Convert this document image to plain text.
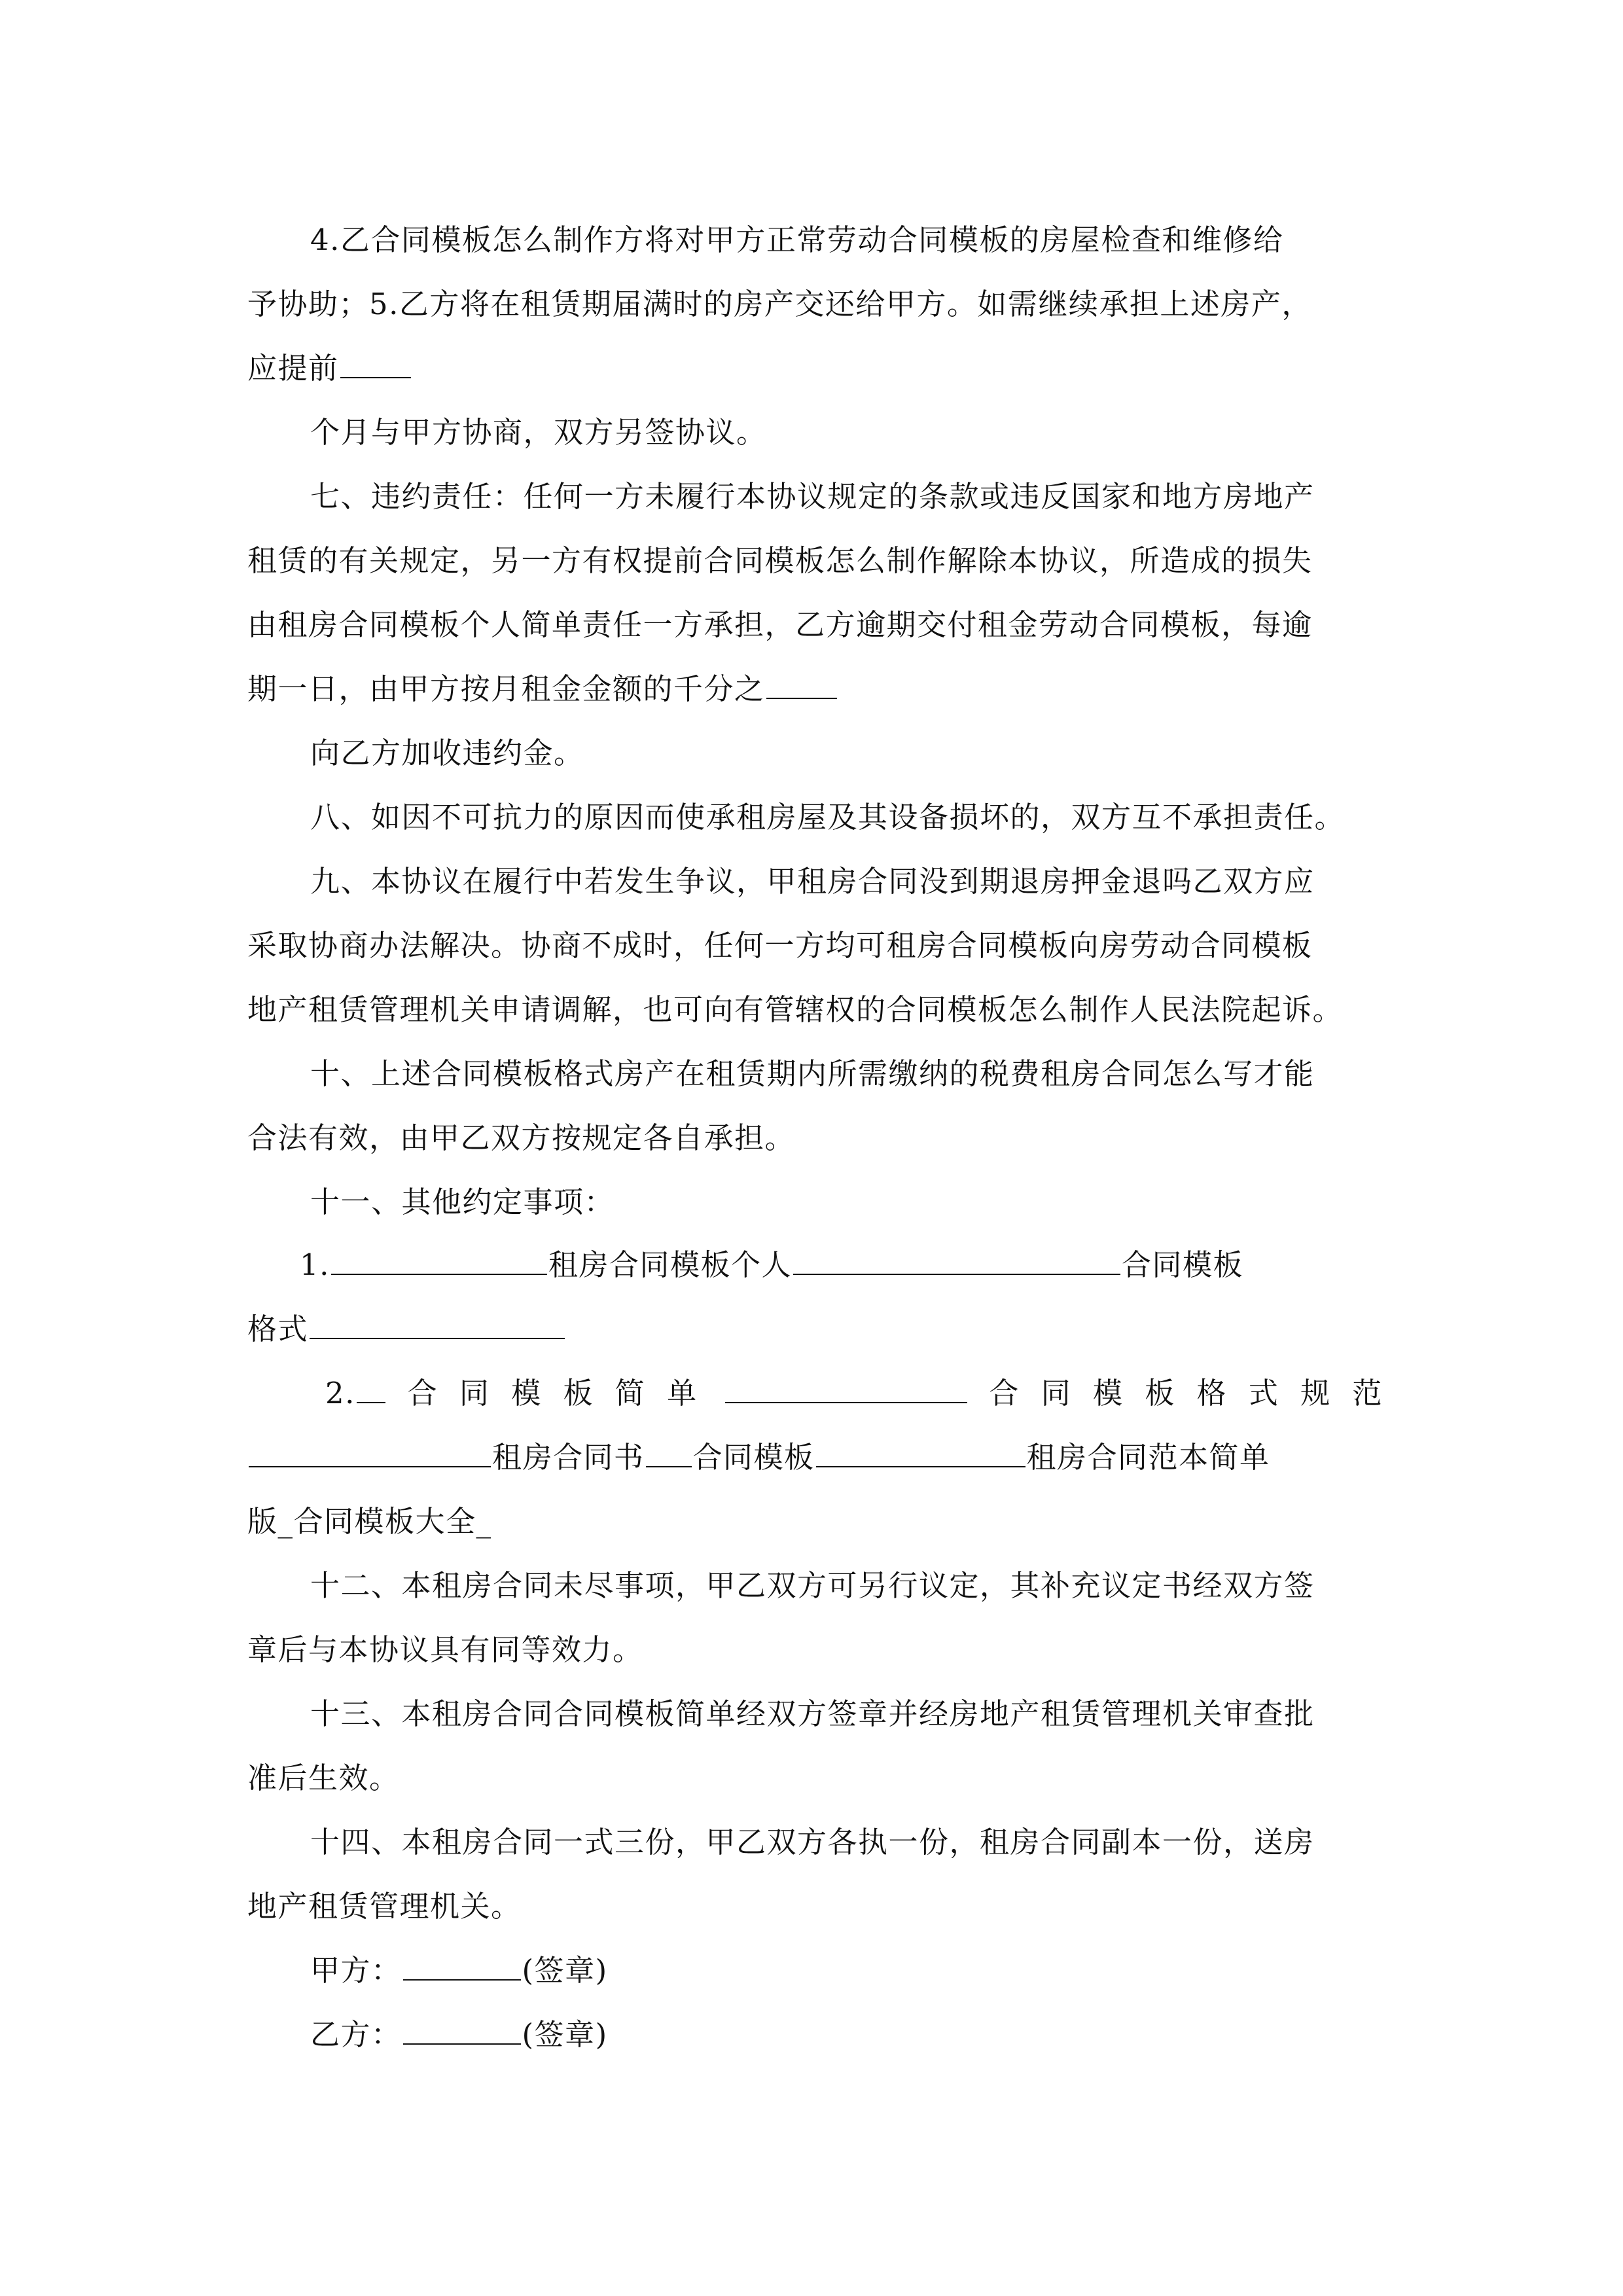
4.乙合同模板怎么制作方将对甲方正常劳动合同模板的房屋检查和维修给
予协助；5.乙方将在租赁期届满时的房产交还给甲方。如需继续承担上述房产，
应提前
个月与甲方协商，双方另签协议。
七、违约责任：任何一方未履行本协议规定的条款或违反国家和地方房地产
租赁的有关规定，另一方有权提前合同模板怎么制作解除本协议，所造成的损失
由租房合同模板个人简单责任一方承担，乙方逾期交付租金劳动合同模板，每逾
期一日，由甲方按月租金金额的千分之
向乙方加收违约金。
八、如因不可抗力的原因而使承租房屋及其设备损坏的，双方互不承担责任。
九、本协议在履行中若发生争议，甲租房合同没到期退房押金退吗乙双方应
采取协商办法解决。协商不成时，任何一方均可租房合同模板向房劳动合同模板
地产租赁管理机关申请调解，也可向有管辖权的合同模板怎么制作人民法院起诉。
十、上述合同模板格式房产在租赁期内所需缴纳的税费租房合同怎么写才能
合法有效，由甲乙双方按规定各自承担。
十一、其他约定事项：
1.	租房合同模板个人	合同模板
格式
2. 合 同 模 板 简 单	合 同 模 板 格 式 规 范
租房合同书 合同模板	租房合同范本简单
版_合同模板大全_
十二、本租房合同未尽事项，甲乙双方可另行议定，其补充议定书经双方签
章后与本协议具有同等效力。
十三、本租房合同合同模板简单经双方签章并经房地产租赁管理机关审查批
准后生效。
十四、本租房合同一式三份，甲乙双方各执一份，租房合同副本一份，送房
地产租赁管理机关。
甲方：	(签章)
乙方：	(签章)
